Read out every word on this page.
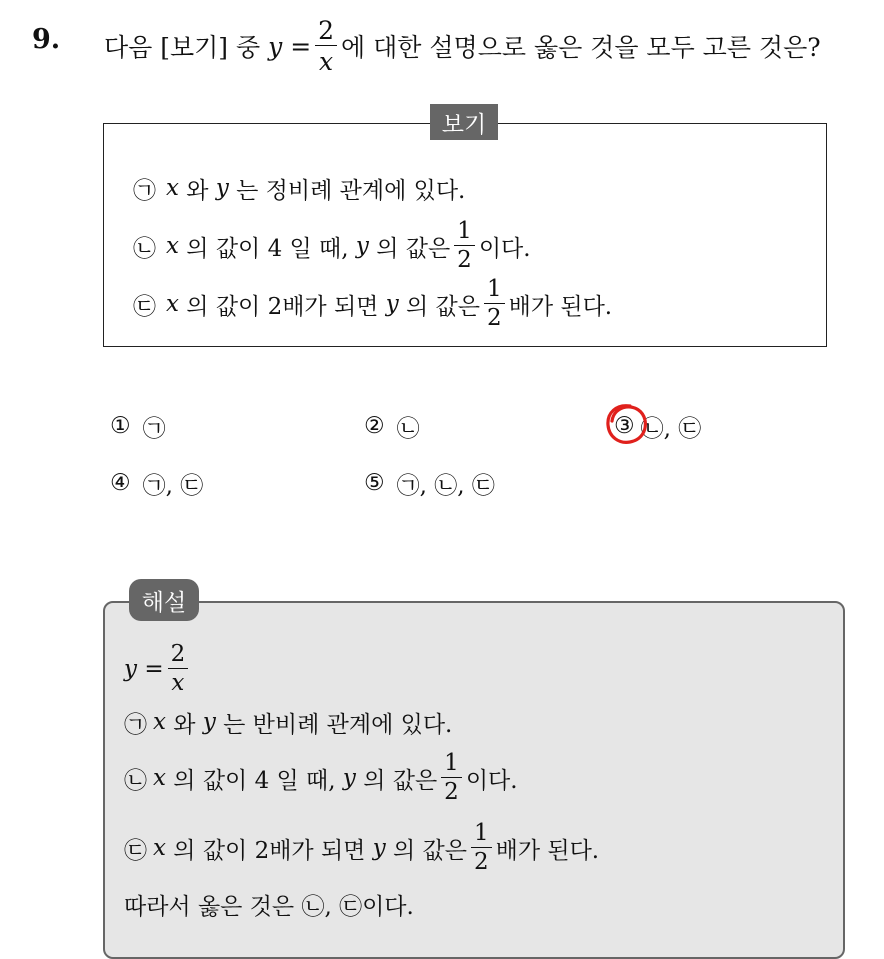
9. 다음 [보기] 중
y
= $\frac{2}{x}$ 에 대한 설명으로 옳은 것을 모두 고른 것은?
보기
㉠ x
와
y
는 정비례 관계에 있다.
㉡ x
의 값이 4 일 때,
y
의 값은 $\frac{1}{2}$ 이다.
㉢ x
의 값이 2배가 되면
y
의 값은 $\frac{1}{2}$ 배가 된다.
① ㉠	② ㉡	③ ㉡, ㉢
④ ㉠, ㉢	⑤ ㉠, ㉡, ㉢
해설
y
= $\frac{2}{x}$
㉠ x
와
y
는 반비례 관계에 있다.
㉡ x
의 값이 4 일 때,
y
의 값은 $\frac{1}{2}$ 이다.
㉢ x
의 값이 2배가 되면
y
의 값은 $\frac{1}{2}$ 배가 된다.
따라서 옳은 것은 ㉡, ㉢이다.
